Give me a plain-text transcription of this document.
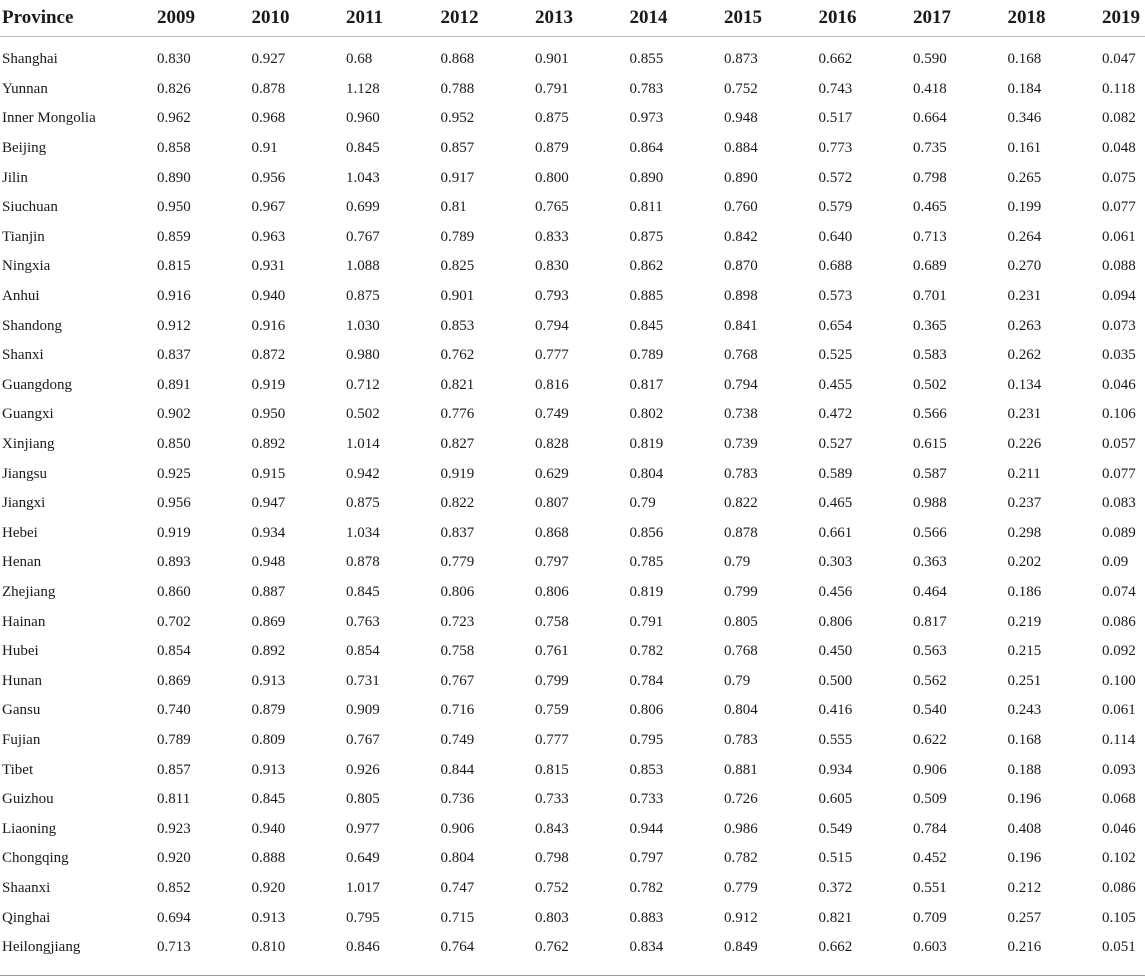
Province	2009	2010	2011	2012	2013	2014	2015	2016	2017	2018	2019
Shanghai	0.830	0.927	0.68	0.868	0.901	0.855	0.873	0.662	0.590	0.168	0.047
Yunnan	0.826	0.878	1.128	0.788	0.791	0.783	0.752	0.743	0.418	0.184	0.118
Inner Mongolia	0.962	0.968	0.960	0.952	0.875	0.973	0.948	0.517	0.664	0.346	0.082
Beijing	0.858	0.91	0.845	0.857	0.879	0.864	0.884	0.773	0.735	0.161	0.048
Jilin	0.890	0.956	1.043	0.917	0.800	0.890	0.890	0.572	0.798	0.265	0.075
Siuchuan	0.950	0.967	0.699	0.81	0.765	0.811	0.760	0.579	0.465	0.199	0.077
Tianjin	0.859	0.963	0.767	0.789	0.833	0.875	0.842	0.640	0.713	0.264	0.061
Ningxia	0.815	0.931	1.088	0.825	0.830	0.862	0.870	0.688	0.689	0.270	0.088
Anhui	0.916	0.940	0.875	0.901	0.793	0.885	0.898	0.573	0.701	0.231	0.094
Shandong	0.912	0.916	1.030	0.853	0.794	0.845	0.841	0.654	0.365	0.263	0.073
Shanxi	0.837	0.872	0.980	0.762	0.777	0.789	0.768	0.525	0.583	0.262	0.035
Guangdong	0.891	0.919	0.712	0.821	0.816	0.817	0.794	0.455	0.502	0.134	0.046
Guangxi	0.902	0.950	0.502	0.776	0.749	0.802	0.738	0.472	0.566	0.231	0.106
Xinjiang	0.850	0.892	1.014	0.827	0.828	0.819	0.739	0.527	0.615	0.226	0.057
Jiangsu	0.925	0.915	0.942	0.919	0.629	0.804	0.783	0.589	0.587	0.211	0.077
Jiangxi	0.956	0.947	0.875	0.822	0.807	0.79	0.822	0.465	0.988	0.237	0.083
Hebei	0.919	0.934	1.034	0.837	0.868	0.856	0.878	0.661	0.566	0.298	0.089
Henan	0.893	0.948	0.878	0.779	0.797	0.785	0.79	0.303	0.363	0.202	0.09
Zhejiang	0.860	0.887	0.845	0.806	0.806	0.819	0.799	0.456	0.464	0.186	0.074
Hainan	0.702	0.869	0.763	0.723	0.758	0.791	0.805	0.806	0.817	0.219	0.086
Hubei	0.854	0.892	0.854	0.758	0.761	0.782	0.768	0.450	0.563	0.215	0.092
Hunan	0.869	0.913	0.731	0.767	0.799	0.784	0.79	0.500	0.562	0.251	0.100
Gansu	0.740	0.879	0.909	0.716	0.759	0.806	0.804	0.416	0.540	0.243	0.061
Fujian	0.789	0.809	0.767	0.749	0.777	0.795	0.783	0.555	0.622	0.168	0.114
Tibet	0.857	0.913	0.926	0.844	0.815	0.853	0.881	0.934	0.906	0.188	0.093
Guizhou	0.811	0.845	0.805	0.736	0.733	0.733	0.726	0.605	0.509	0.196	0.068
Liaoning	0.923	0.940	0.977	0.906	0.843	0.944	0.986	0.549	0.784	0.408	0.046
Chongqing	0.920	0.888	0.649	0.804	0.798	0.797	0.782	0.515	0.452	0.196	0.102
Shaanxi	0.852	0.920	1.017	0.747	0.752	0.782	0.779	0.372	0.551	0.212	0.086
Qinghai	0.694	0.913	0.795	0.715	0.803	0.883	0.912	0.821	0.709	0.257	0.105
Heilongjiang	0.713	0.810	0.846	0.764	0.762	0.834	0.849	0.662	0.603	0.216	0.051
